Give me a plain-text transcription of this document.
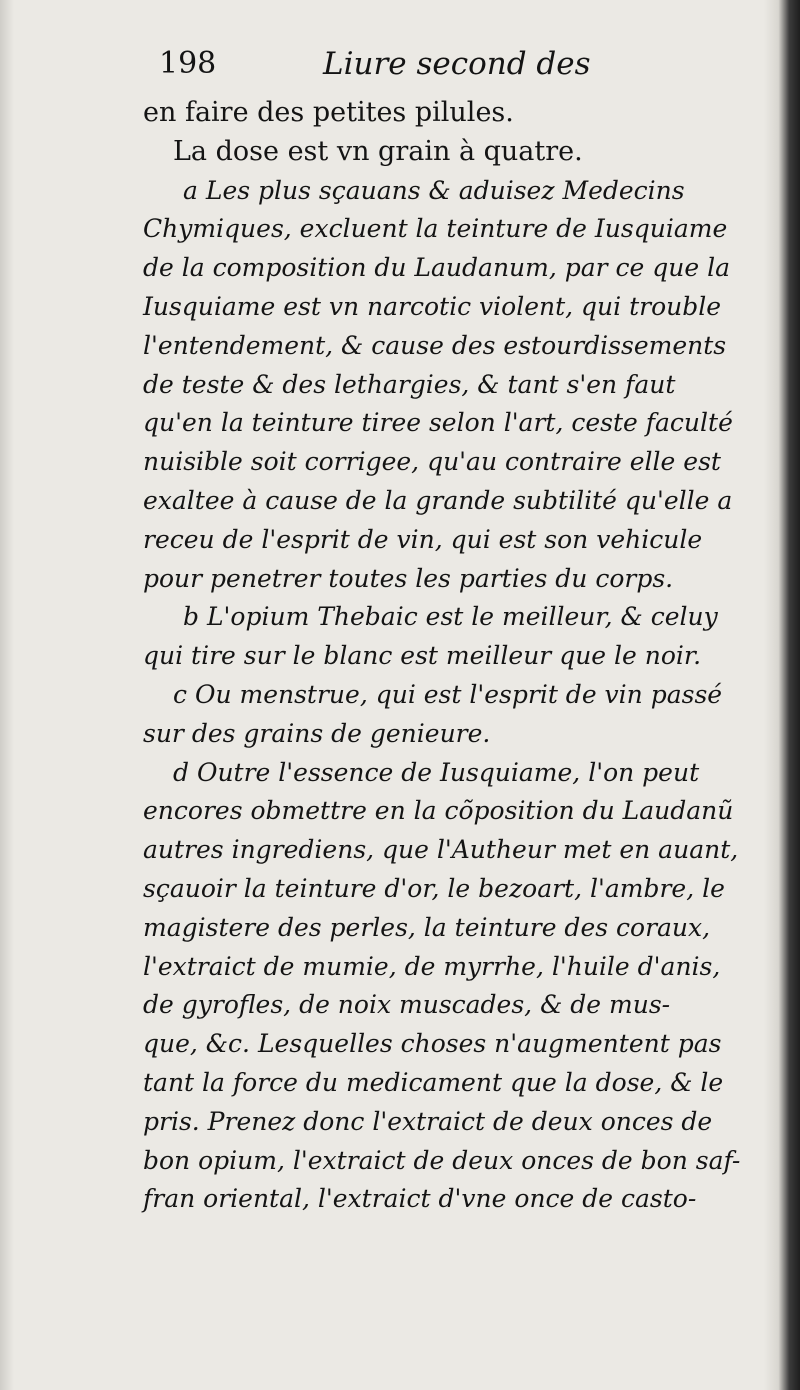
198	Liure second des
en faire des petites pilules.
La dose est vn grain à quatre.
a Les plus sçauans & aduisez Medecins
Chymiques, excluent la teinture de Iusquiame
de la composition du Laudanum, par ce que la
Iusquiame est vn narcotic violent, qui trouble
l'entendement, & cause des estourdissements
de teste & des lethargies, & tant s'en faut
qu'en la teinture tiree selon l'art, ceste faculté
nuisible soit corrigee, qu'au contraire elle est
exaltee à cause de la grande subtilité qu'elle a
receu de l'esprit de vin, qui est son vehicule
pour penetrer toutes les parties du corps.
b L'opium Thebaic est le meilleur, & celuy
qui tire sur le blanc est meilleur que le noir.
c Ou menstrue, qui est l'esprit de vin passé
sur des grains de genieure.
d Outre l'essence de Iusquiame, l'on peut
encores obmettre en la cõposition du Laudanũ
autres ingrediens, que l'Autheur met en auant,
sçauoir la teinture d'or, le bezoart, l'ambre, le
magistere des perles, la teinture des coraux,
l'extraict de mumie, de myrrhe, l'huile d'anis,
de gyrofles, de noix muscades, & de mus-
que, &c. Lesquelles choses n'augmentent pas
tant la force du medicament que la dose, & le
pris. Prenez donc l'extraict de deux onces de
bon opium, l'extraict de deux onces de bon saf-
fran oriental, l'extraict d'vne once de casto-
